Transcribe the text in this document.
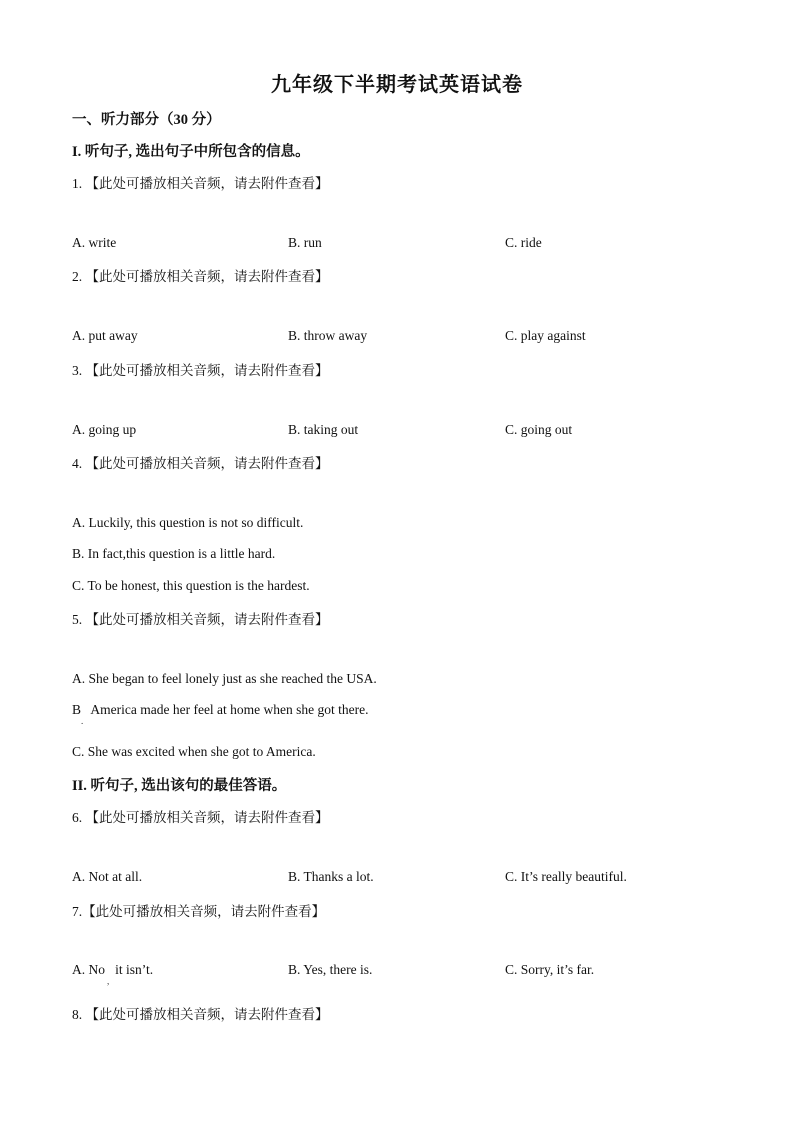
九年级下半期考试英语试卷
一、听力部分（30 分）
I. 听句子, 选出句子中所包含的信息。
1. 【此处可播放相关音频，请去附件查看】
A. write	B. run	C. ride
2. 【此处可播放相关音频，请去附件查看】
A. put away	B. throw away	C. play against
3. 【此处可播放相关音频，请去附件查看】
A. going up	B. taking out	C. going out
4. 【此处可播放相关音频，请去附件查看】
A. Luckily, this question is not so difficult.
B. In fact,this question is a little hard.
C. To be honest, this question is the hardest.
5. 【此处可播放相关音频，请去附件查看】
A. She began to feel lonely just as she reached the USA.
B   America made her feel at home when she got there.
.
C. She was excited when she got to America.
II. 听句子, 选出该句的最佳答语。
6. 【此处可播放相关音频，请去附件查看】
A. Not at all.	B. Thanks a lot.	C. It’s really beautiful.
7.【此处可播放相关音频，请去附件查看】
A. No   it isn’t.
,
B. Yes, there is.	C. Sorry, it’s far.
8. 【此处可播放相关音频，请去附件查看】
